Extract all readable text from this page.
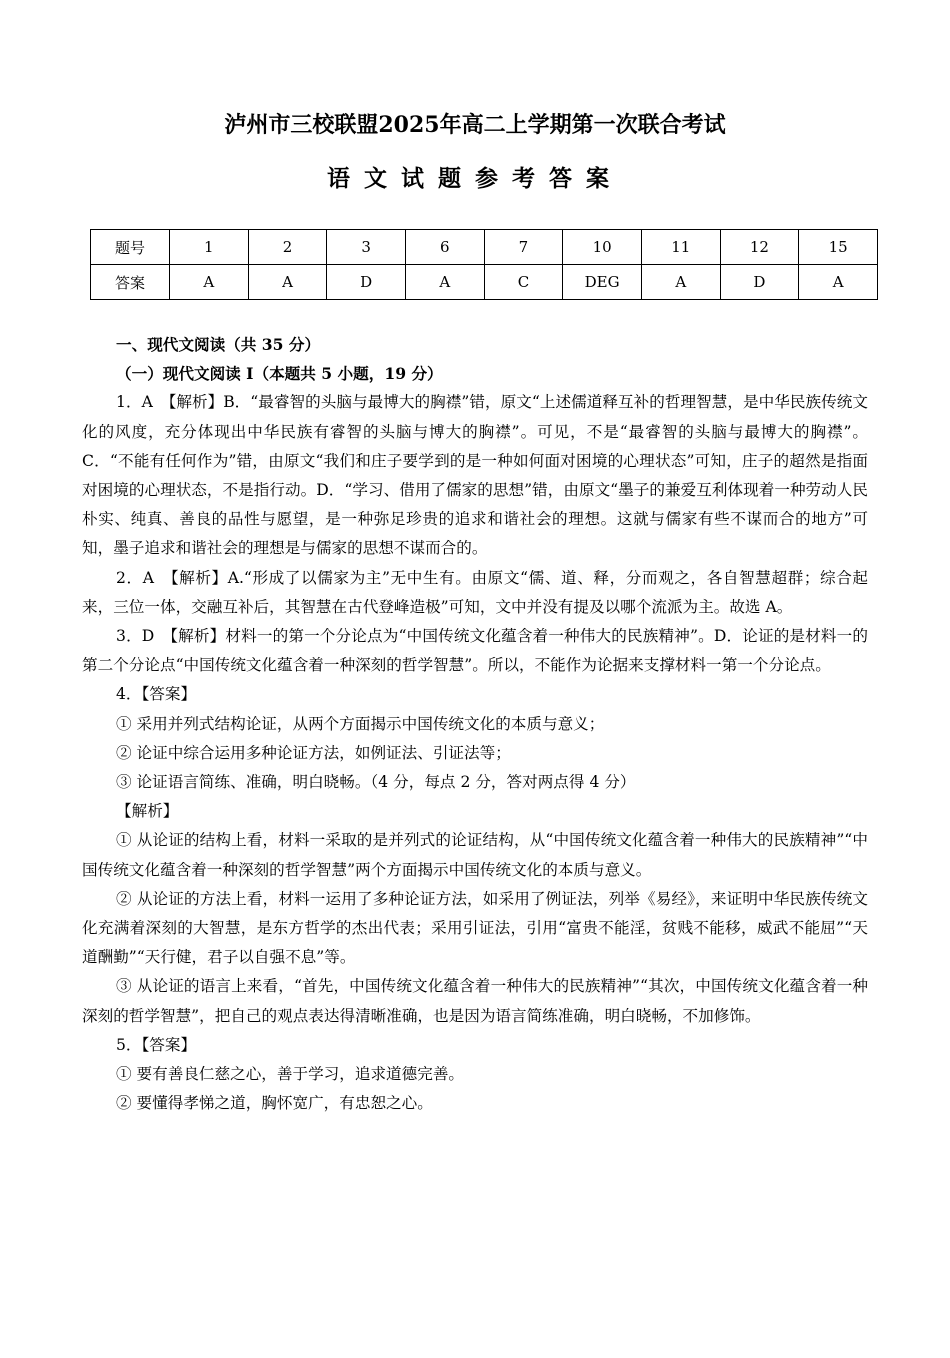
泸州市三校联盟2025年高二上学期第一次联合考试
语文试题参考答案
题号	1	2	3	6	7	10	11	12	15
答案	A	A	D	A	C	DEG	A	D	A
一、现代文阅读（共 35 分）
（一）现代文阅读 I（本题共 5 小题，19 分）

1．A　【解析】B．“最睿智的头脑与最博大的胸襟”错，原文“上述儒道释互补的哲理智慧，是中华民族传统文化的风度，充分体现出中华民族有睿智的头脑与博大的胸襟”。可见，不是“最睿智的头脑与最博大的胸襟”。C．“不能有任何作为”错，由原文“我们和庄子要学到的是一种如何面对困境的心理状态”可知，庄子的超然是指面对困境的心理状态，不是指行动。D．“学习、借用了儒家的思想”错，由原文“墨子的兼爱互利体现着一种劳动人民朴实、纯真、善良的品性与愿望，是一种弥足珍贵的追求和谐社会的理想。这就与儒家有些不谋而合的地方”可知，墨子追求和谐社会的理想是与儒家的思想不谋而合的。

2．A　【解析】A.“形成了以儒家为主”无中生有。由原文“儒、道、释，分而观之，各自智慧超群；综合起来，三位一体，交融互补后，其智慧在古代登峰造极”可知，文中并没有提及以哪个流派为主。故选 A。

3．D　【解析】材料一的第一个分论点为“中国传统文化蕴含着一种伟大的民族精神”。D．论证的是材料一的第二个分论点“中国传统文化蕴含着一种深刻的哲学智慧”。所以，不能作为论据来支撑材料一第一个分论点。

4．【答案】
① 采用并列式结构论证，从两个方面揭示中国传统文化的本质与意义；
② 论证中综合运用多种论证方法，如例证法、引证法等；
③ 论证语言简练、准确，明白晓畅。（4 分，每点 2 分，答对两点得 4 分）
【解析】

① 从论证的结构上看，材料一采取的是并列式的论证结构，从“中国传统文化蕴含着一种伟大的民族精神”“中国传统文化蕴含着一种深刻的哲学智慧”两个方面揭示中国传统文化的本质与意义。

② 从论证的方法上看，材料一运用了多种论证方法，如采用了例证法，列举《易经》，来证明中华民族传统文化充满着深刻的大智慧，是东方哲学的杰出代表；采用引证法，引用“富贵不能淫，贫贱不能移，威武不能屈”“天道酬勤”“天行健，君子以自强不息”等。

③ 从论证的语言上来看，“首先，中国传统文化蕴含着一种伟大的民族精神”“其次，中国传统文化蕴含着一种深刻的哲学智慧”，把自己的观点表达得清晰准确，也是因为语言简练准确，明白晓畅，不加修饰。

5．【答案】
① 要有善良仁慈之心，善于学习，追求道德完善。
② 要懂得孝悌之道，胸怀宽广，有忠恕之心。
